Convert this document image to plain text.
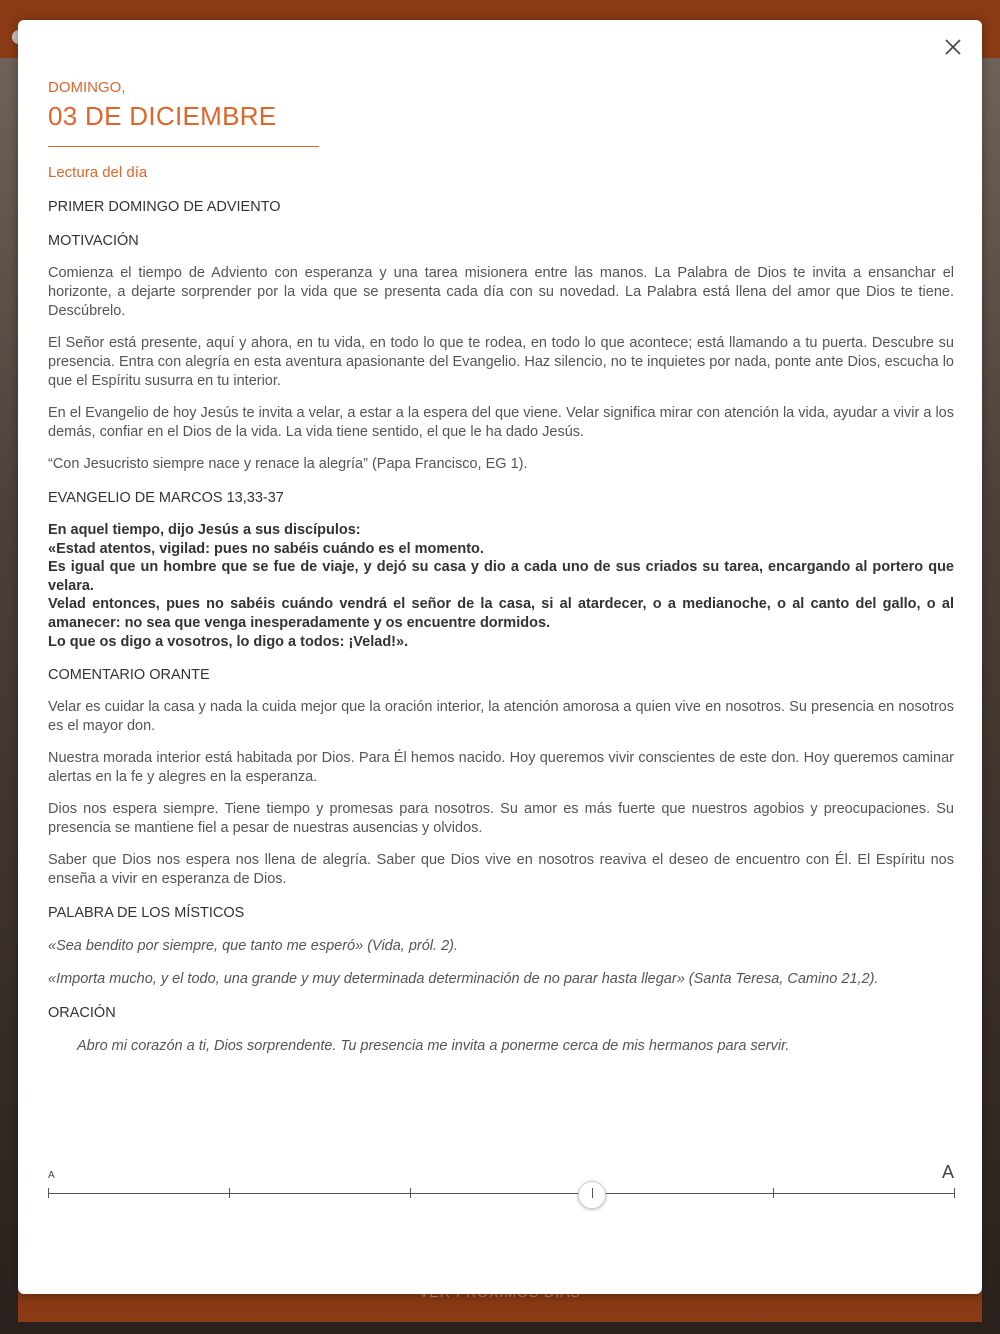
DOMINGO,
03 DE DICIEMBRE
Lectura del día
PRIMER DOMINGO DE ADVIENTO
MOTIVACIÓN
Comienza el tiempo de Adviento con esperanza y una tarea misionera entre las manos. La Palabra de Dios te invita a ensanchar el horizonte, a dejarte sorprender por la vida que se presenta cada día con su novedad. La Palabra está llena del amor que Dios te tiene. Descúbrelo.
El Señor está presente, aquí y ahora, en tu vida, en todo lo que te rodea, en todo lo que acontece; está llamando a tu puerta. Descubre su presencia. Entra con alegría en esta aventura apasionante del Evangelio. Haz silencio, no te inquietes por nada, ponte ante Dios, escucha lo que el Espíritu susurra en tu interior.
En el Evangelio de hoy Jesús te invita a velar, a estar a la espera del que viene. Velar significa mirar con atención la vida, ayudar a vivir a los demás, confiar en el Dios de la vida. La vida tiene sentido, el que le ha dado Jesús.
“Con Jesucristo siempre nace y renace la alegría” (Papa Francisco, EG 1).
EVANGELIO DE MARCOS 13,33-37
En aquel tiempo, dijo Jesús a sus discípulos:
«Estad atentos, vigilad: pues no sabéis cuándo es el momento.
Es igual que un hombre que se fue de viaje, y dejó su casa y dio a cada uno de sus criados su tarea, encargando al portero que velara.
Velad entonces, pues no sabéis cuándo vendrá el señor de la casa, si al atardecer, o a medianoche, o al canto del gallo, o al amanecer: no sea que venga inesperadamente y os encuentre dormidos.
Lo que os digo a vosotros, lo digo a todos: ¡Velad!».
COMENTARIO ORANTE
Velar es cuidar la casa y nada la cuida mejor que la oración interior, la atención amorosa a quien vive en nosotros. Su presencia en nosotros es el mayor don.
Nuestra morada interior está habitada por Dios. Para Él hemos nacido. Hoy queremos vivir conscientes de este don. Hoy queremos caminar alertas en la fe y alegres en la esperanza.
Dios nos espera siempre. Tiene tiempo y promesas para nosotros. Su amor es más fuerte que nuestros agobios y preocupaciones. Su presencia se mantiene fiel a pesar de nuestras ausencias y olvidos.
Saber que Dios nos espera nos llena de alegría. Saber que Dios vive en nosotros reaviva el deseo de encuentro con Él. El Espíritu nos enseña a vivir en esperanza de Dios.
PALABRA DE LOS MÍSTICOS
«Sea bendito por siempre, que tanto me esperó» (Vida, pról. 2).
«Importa mucho, y el todo, una grande y muy determinada determinación de no parar hasta llegar» (Santa Teresa, Camino 21,2).
ORACIÓN
Abro mi corazón a ti, Dios sorprendente. Tu presencia me invita a ponerme cerca de mis hermanos para servir.
A	A
